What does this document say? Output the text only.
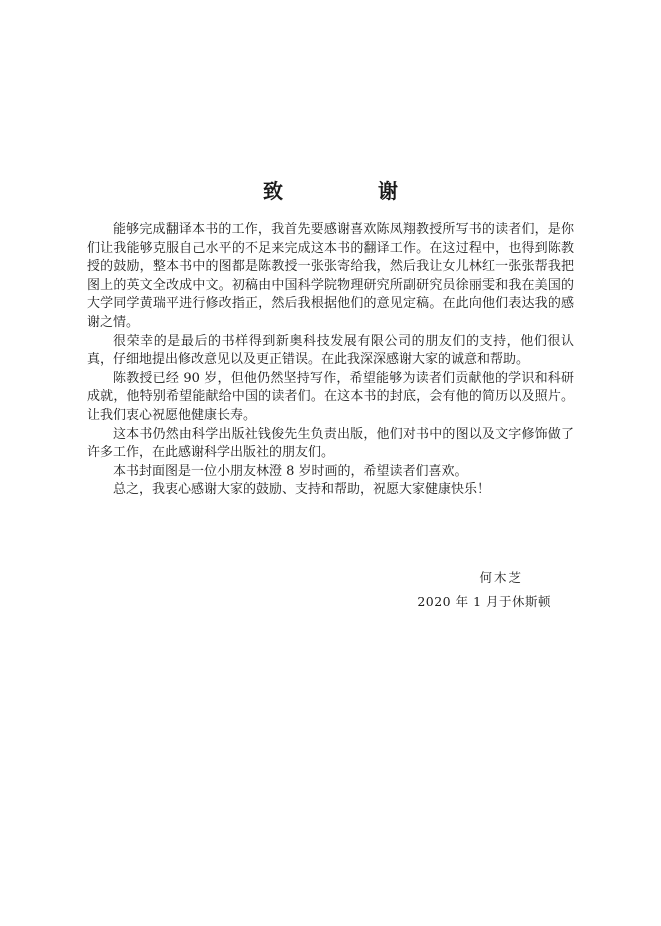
致 谢

能够完成翻译本书的工作，我首先要感谢喜欢陈凤翔教授所写书的读者们，是你们让我能够克服自己水平的不足来完成这本书的翻译工作。在这过程中，也得到陈教授的鼓励，整本书中的图都是陈教授一张张寄给我，然后我让女儿林红一张张帮我把图上的英文全改成中文。初稿由中国科学院物理研究所副研究员徐丽雯和我在美国的大学同学黄瑞平进行修改指正，然后我根据他们的意见定稿。在此向他们表达我的感谢之情。

很荣幸的是最后的书样得到新奥科技发展有限公司的朋友们的支持，他们很认真，仔细地提出修改意见以及更正错误。在此我深深感谢大家的诚意和帮助。

陈教授已经 90 岁，但他仍然坚持写作，希望能够为读者们贡献他的学识和科研成就，他特别希望能献给中国的读者们。在这本书的封底，会有他的简历以及照片。让我们衷心祝愿他健康长寿。

这本书仍然由科学出版社钱俊先生负责出版，他们对书中的图以及文字修饰做了许多工作，在此感谢科学出版社的朋友们。

本书封面图是一位小朋友林澄 8 岁时画的，希望读者们喜欢。

总之，我衷心感谢大家的鼓励、支持和帮助，祝愿大家健康快乐！

何木芝
2020 年 1 月于休斯顿
